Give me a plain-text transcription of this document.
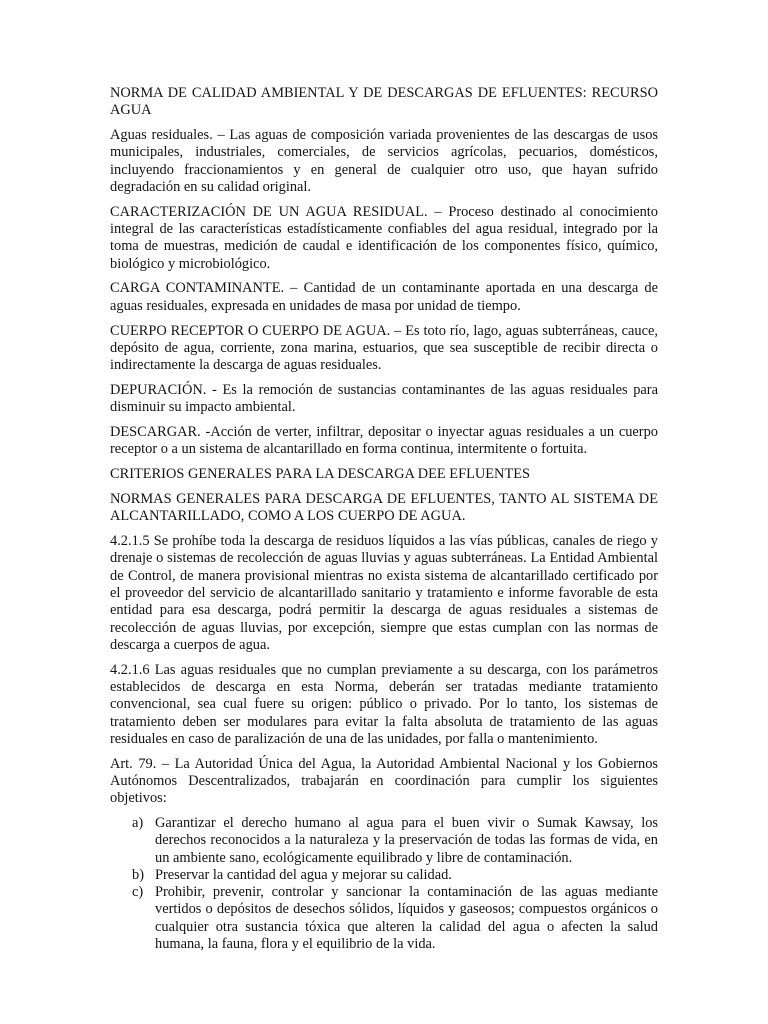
NORMA DE CALIDAD AMBIENTAL Y DE DESCARGAS DE EFLUENTES: RECURSO AGUA

Aguas residuales. – Las aguas de composición variada provenientes de las descargas de usos municipales, industriales, comerciales, de servicios agrícolas, pecuarios, domésticos, incluyendo fraccionamientos y en general de cualquier otro uso, que hayan sufrido degradación en su calidad original.

CARACTERIZACIÓN DE UN AGUA RESIDUAL. – Proceso destinado al conocimiento integral de las características estadísticamente confiables del agua residual, integrado por la toma de muestras, medición de caudal e identificación de los componentes físico, químico, biológico y microbiológico.

CARGA CONTAMINANTE. – Cantidad de un contaminante aportada en una descarga de aguas residuales, expresada en unidades de masa por unidad de tiempo.

CUERPO RECEPTOR O CUERPO DE AGUA. – Es toto río, lago, aguas subterráneas, cauce, depósito de agua, corriente, zona marina, estuarios, que sea susceptible de recibir directa o indirectamente la descarga de aguas residuales.

DEPURACIÓN. - Es la remoción de sustancias contaminantes de las aguas residuales para disminuir su impacto ambiental.

DESCARGAR. -Acción de verter, infiltrar, depositar o inyectar aguas residuales a un cuerpo receptor o a un sistema de alcantarillado en forma continua, intermitente o fortuita.

CRITERIOS GENERALES PARA LA DESCARGA DEE EFLUENTES

NORMAS GENERALES PARA DESCARGA DE EFLUENTES, TANTO AL SISTEMA DE ALCANTARILLADO, COMO A LOS CUERPO DE AGUA.

4.2.1.5 Se prohíbe toda la descarga de residuos líquidos a las vías públicas, canales de riego y drenaje o sistemas de recolección de aguas lluvias y aguas subterráneas. La Entidad Ambiental de Control, de manera provisional mientras no exista sistema de alcantarillado certificado por el proveedor del servicio de alcantarillado sanitario y tratamiento e informe favorable de esta entidad para esa descarga, podrá permitir la descarga de aguas residuales a sistemas de recolección de aguas lluvias, por excepción, siempre que estas cumplan con las normas de descarga a cuerpos de agua.

4.2.1.6 Las aguas residuales que no cumplan previamente a su descarga, con los parámetros establecidos de descarga en esta Norma, deberán ser tratadas mediante tratamiento convencional, sea cual fuere su origen: público o privado. Por lo tanto, los sistemas de tratamiento deben ser modulares para evitar la falta absoluta de tratamiento de las aguas residuales en caso de paralización de una de las unidades, por falla o mantenimiento.

Art. 79. – La Autoridad Única del Agua, la Autoridad Ambiental Nacional y los Gobiernos Autónomos Descentralizados, trabajarán en coordinación para cumplir los siguientes objetivos:

a) Garantizar el derecho humano al agua para el buen vivir o Sumak Kawsay, los derechos reconocidos a la naturaleza y la preservación de todas las formas de vida, en un ambiente sano, ecológicamente equilibrado y libre de contaminación.
b) Preservar la cantidad del agua y mejorar su calidad.
c) Prohibir, prevenir, controlar y sancionar la contaminación de las aguas mediante vertidos o depósitos de desechos sólidos, líquidos y gaseosos; compuestos orgánicos o cualquier otra sustancia tóxica que alteren la calidad del agua o afecten la salud humana, la fauna, flora y el equilibrio de la vida.
